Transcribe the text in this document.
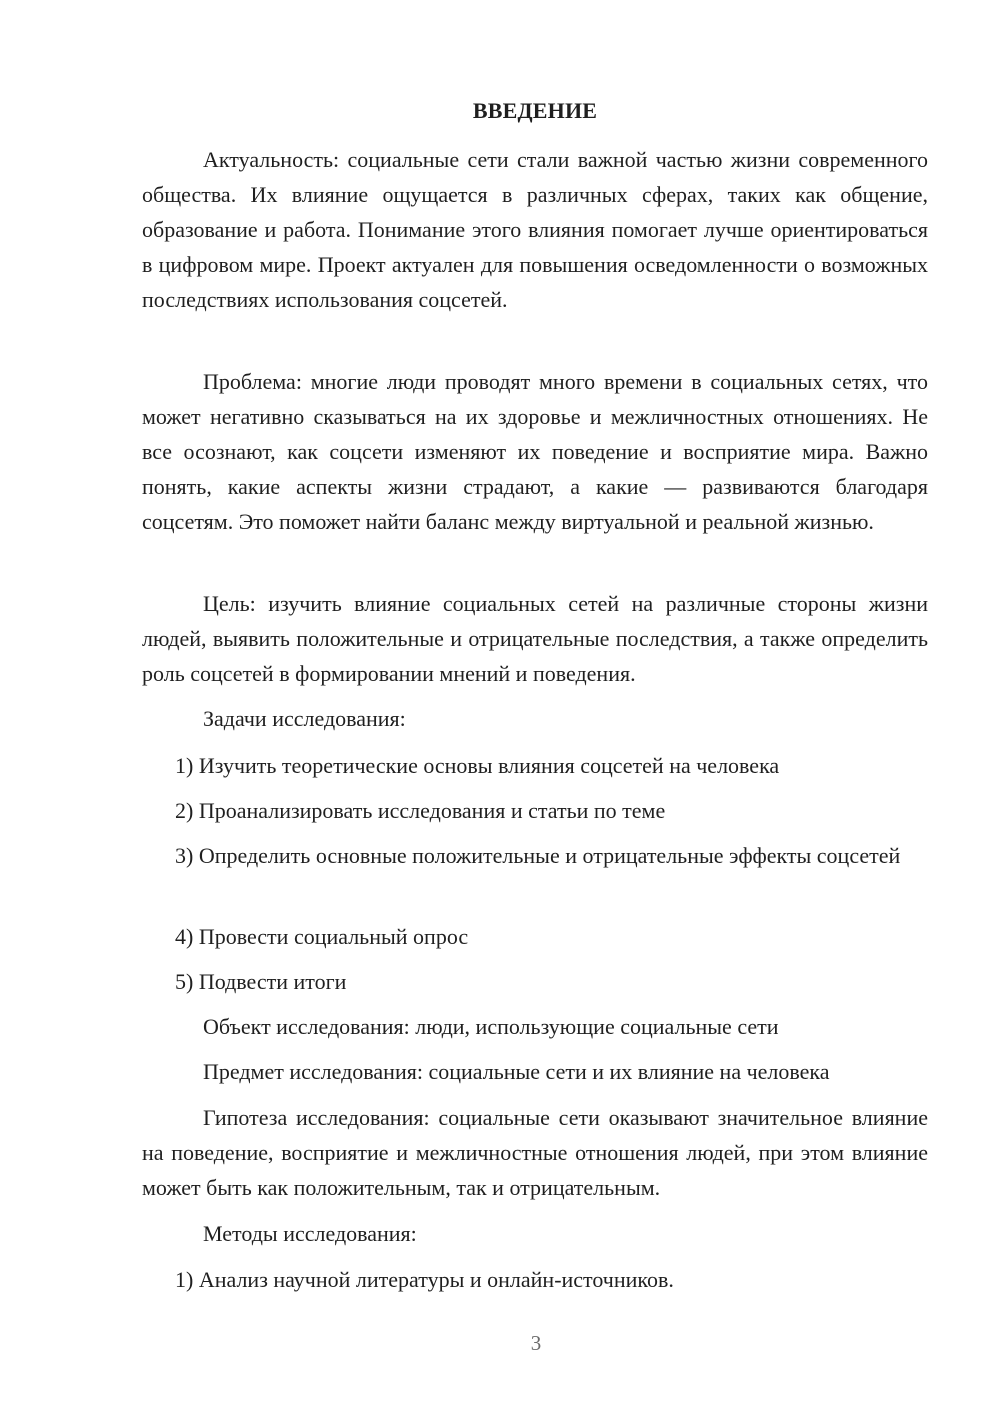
ВВЕДЕНИЕ

Актуальность: социальные сети стали важной частью жизни современного общества. Их влияние ощущается в различных сферах, таких как общение, образование и работа. Понимание этого влияния помогает лучше ориентироваться в цифровом мире. Проект актуален для повышения осведомленности о возможных последствиях использования соцсетей.

Проблема: многие люди проводят много времени в социальных сетях, что может негативно сказываться на их здоровье и межличностных отношениях. Не все осознают, как соцсети изменяют их поведение и восприятие мира. Важно понять, какие аспекты жизни страдают, а какие — развиваются благодаря соцсетям. Это поможет найти баланс между виртуальной и реальной жизнью.

Цель: изучить влияние социальных сетей на различные стороны жизни людей, выявить положительные и отрицательные последствия, а также определить роль соцсетей в формировании мнений и поведения.

Задачи исследования:

1) Изучить теоретические основы влияния соцсетей на человека

2) Проанализировать исследования и статьи по теме

3) Определить основные положительные и отрицательные эффекты соцсетей

4) Провести социальный опрос

5) Подвести итоги

Объект исследования: люди, использующие социальные сети

Предмет исследования: социальные сети и их влияние на человека

Гипотеза исследования: социальные сети оказывают значительное влияние на поведение, восприятие и межличностные отношения людей, при этом влияние может быть как положительным, так и отрицательным.

Методы исследования:

1) Анализ научной литературы и онлайн-источников.

3
